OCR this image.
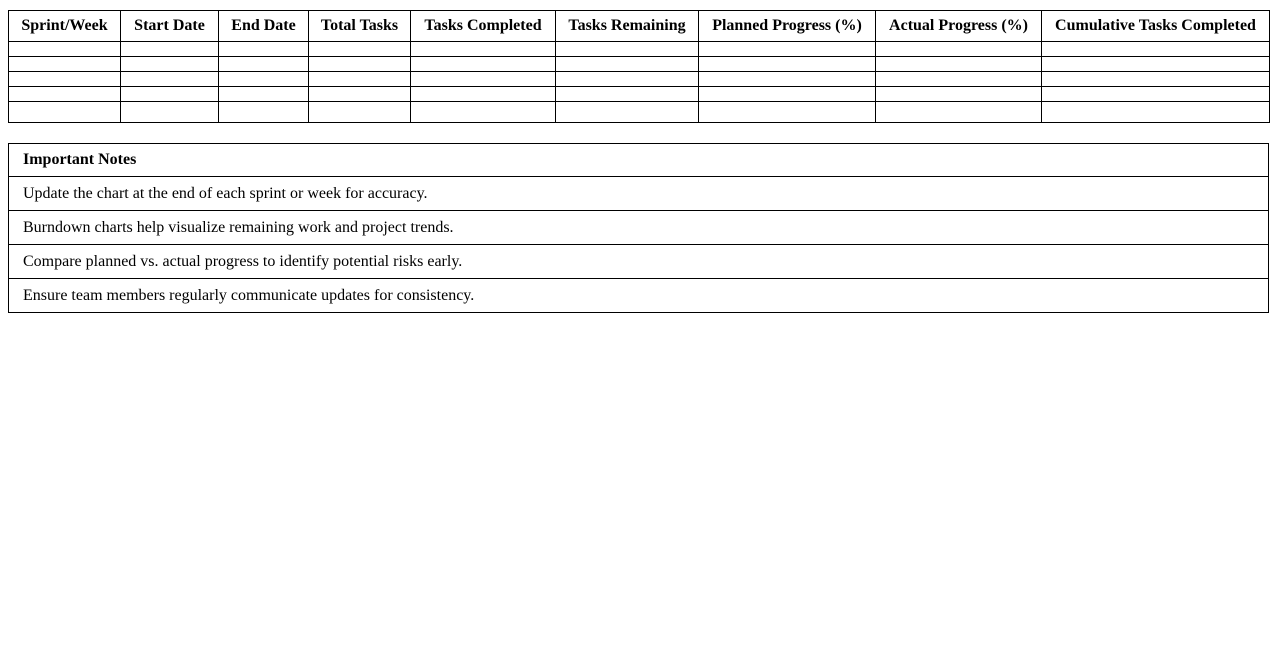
Sprint/Week	Start Date	End Date	Total Tasks	Tasks Completed	Tasks Remaining	Planned Progress (%)	Actual Progress (%)	Cumulative Tasks Completed

Important Notes
Update the chart at the end of each sprint or week for accuracy.
Burndown charts help visualize remaining work and project trends.
Compare planned vs. actual progress to identify potential risks early.
Ensure team members regularly communicate updates for consistency.
